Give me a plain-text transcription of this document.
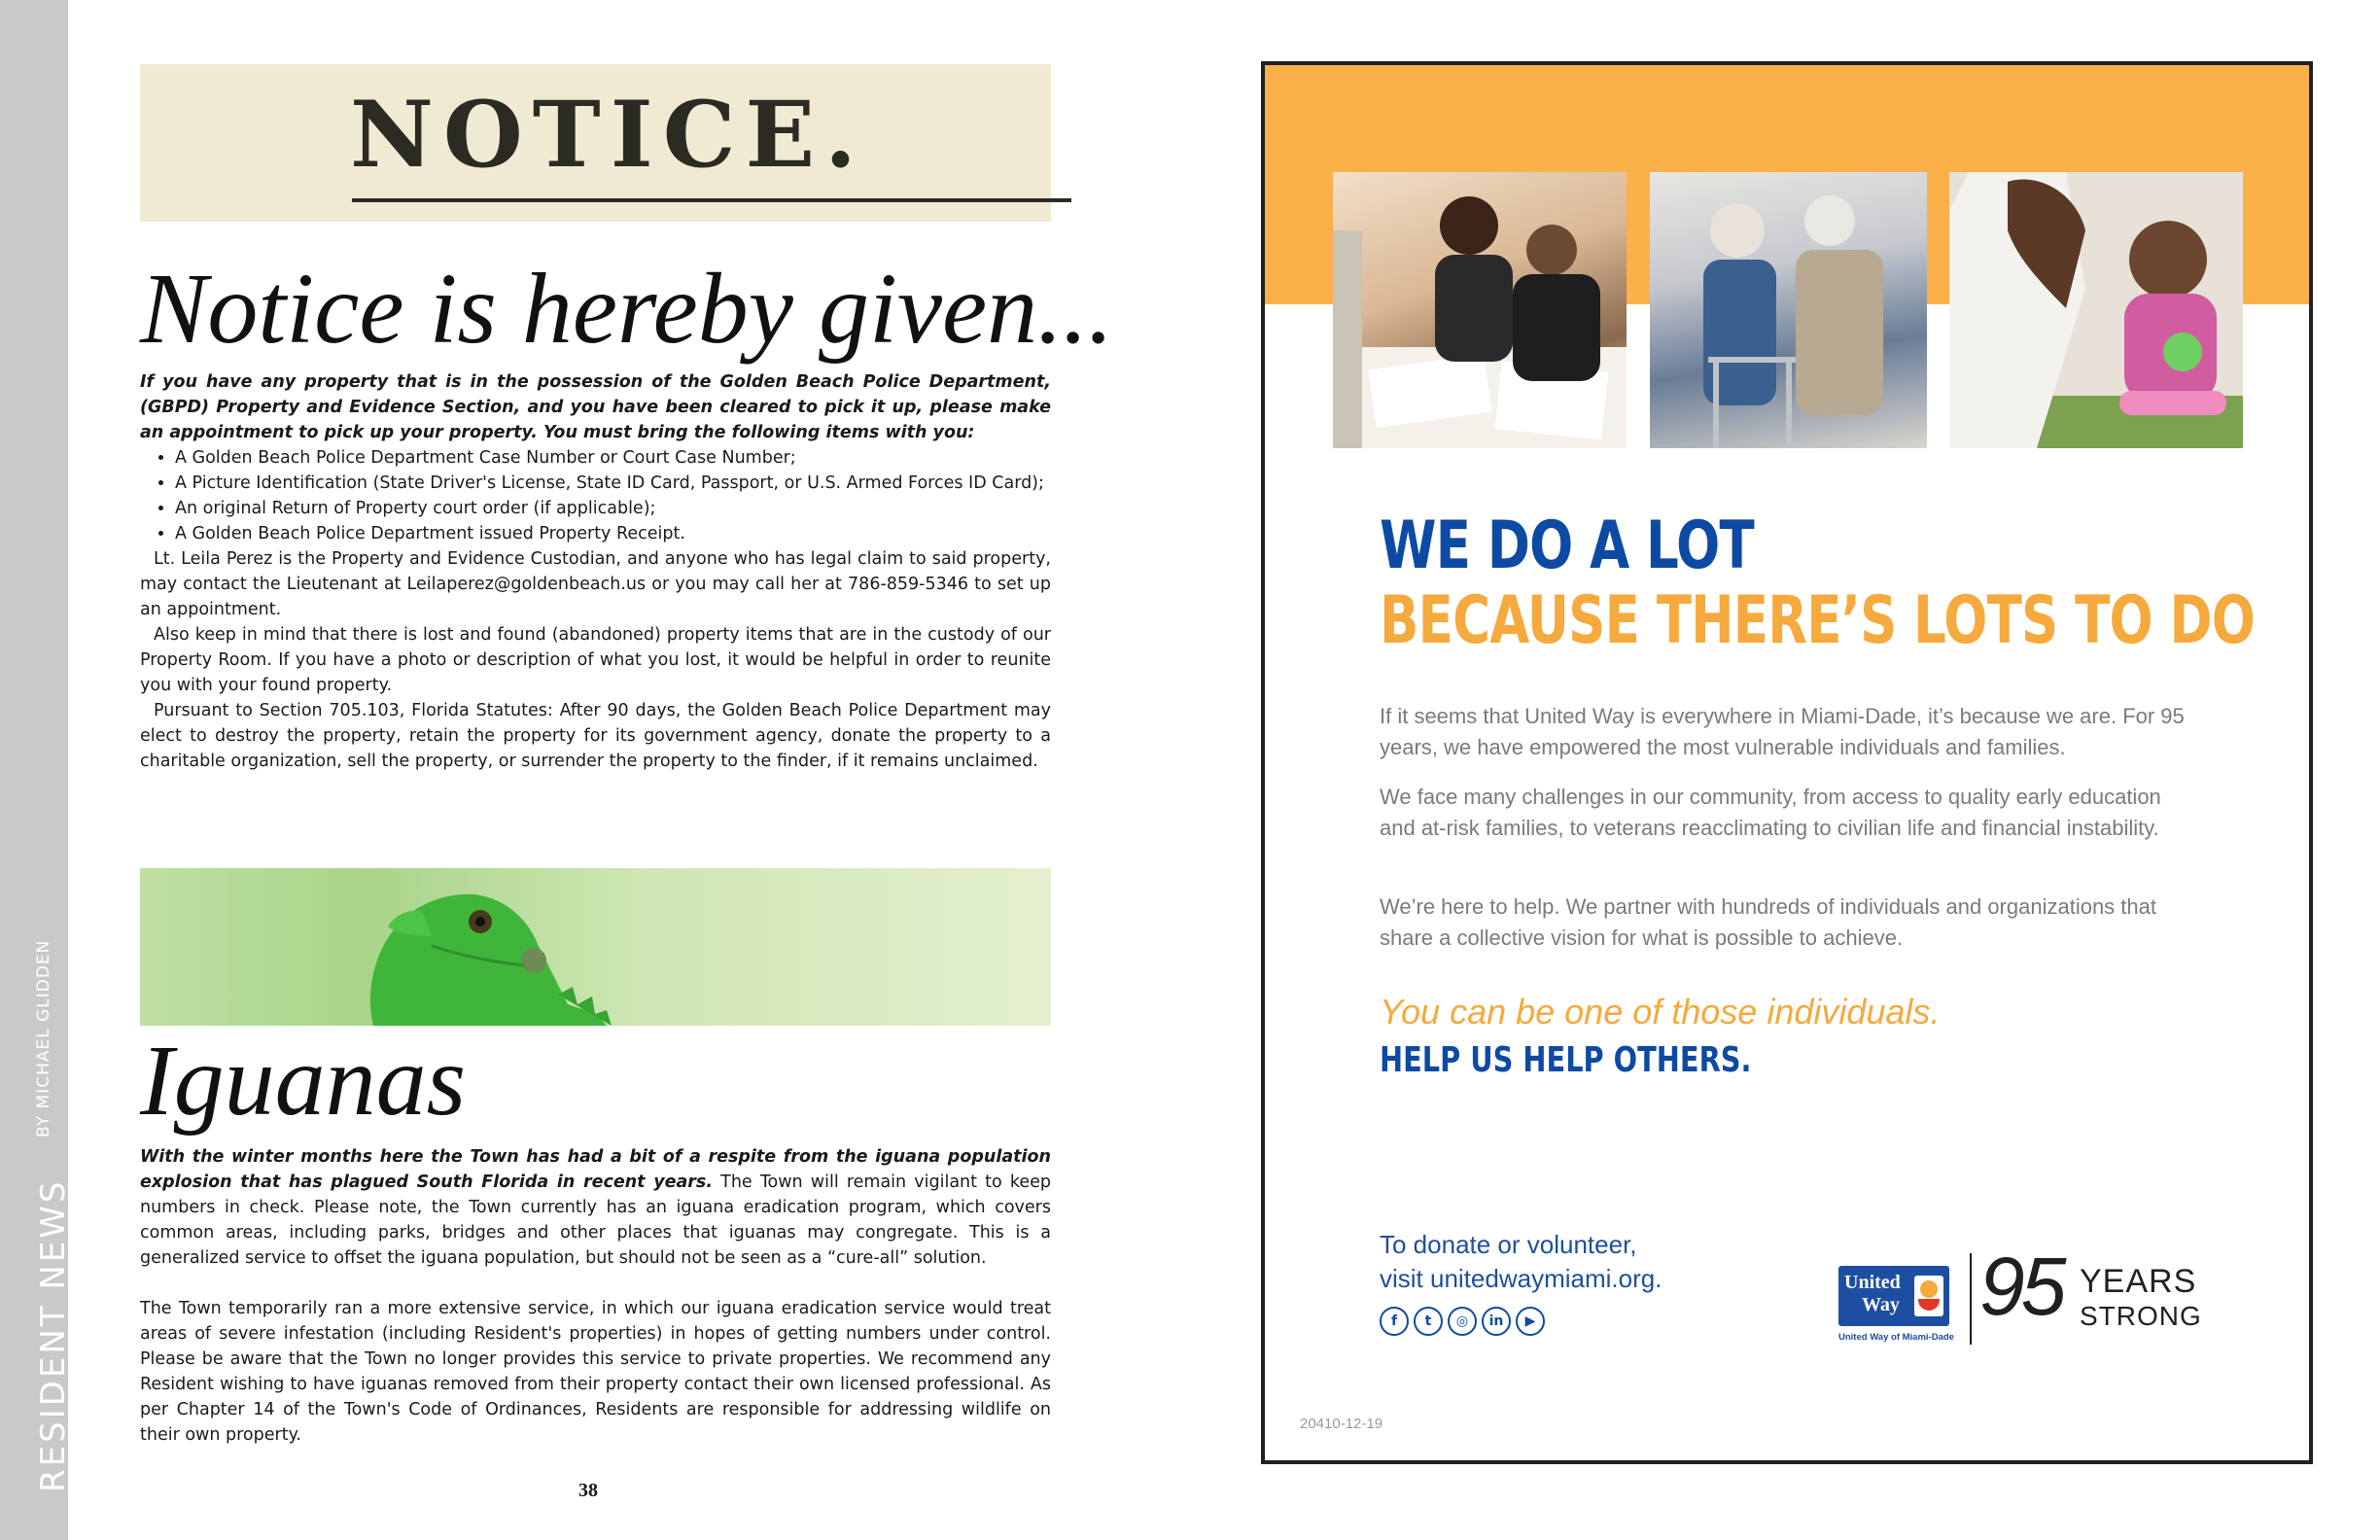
RESIDENT NEWS
BY MICHAEL GLIDDEN
NOTICE.
Notice is hereby given...

If you have any property that is in the possession of the Golden Beach Police Department, (GBPD) Property and Evidence Section, and you have been cleared to pick it up, please make an appointment to pick up your property. You must bring the following items with you:

• A Golden Beach Police Department Case Number or Court Case Number;
• A Picture Identification (State Driver's License, State ID Card, Passport, or U.S. Armed Forces ID Card);
• An original Return of Property court order (if applicable);
• A Golden Beach Police Department issued Property Receipt.

Lt. Leila Perez is the Property and Evidence Custodian, and anyone who has legal claim to said property, may contact the Lieutenant at Leilaperez@goldenbeach.us or you may call her at 786-859-5346 to set up an appointment.

Also keep in mind that there is lost and found (abandoned) property items that are in the custody of our Property Room. If you have a photo or description of what you lost, it would be helpful in order to reunite you with your found property.

Pursuant to Section 705.103, Florida Statutes: After 90 days, the Golden Beach Police Department may elect to destroy the property, retain the property for its government agency, donate the property to a charitable organization, sell the property, or surrender the property to the finder, if it remains unclaimed.

Iguanas

With the winter months here the Town has had a bit of a respite from the iguana population explosion that has plagued South Florida in recent years. The Town will remain vigilant to keep numbers in check. Please note, the Town currently has an iguana eradication program, which covers common areas, including parks, bridges and other places that iguanas may congregate. This is a generalized service to offset the iguana population, but should not be seen as a “cure-all” solution.

The Town temporarily ran a more extensive service, in which our iguana eradication service would treat areas of severe infestation (including Resident's properties) in hopes of getting numbers under control. Please be aware that the Town no longer provides this service to private properties. We recommend any Resident wishing to have iguanas removed from their property contact their own licensed professional. As per Chapter 14 of the Town's Code of Ordinances, Residents are responsible for addressing wildlife on their own property.

38
WE DO A LOT
BECAUSE THERE’S LOTS TO DO

If it seems that United Way is everywhere in Miami-Dade, it’s because we are. For 95 years, we have empowered the most vulnerable individuals and families.

We face many challenges in our community, from access to quality early education and at-risk families, to veterans reacclimating to civilian life and financial instability.

We’re here to help. We partner with hundreds of individuals and organizations that share a collective vision for what is possible to achieve.

You can be one of those individuals.

HELP US HELP OTHERS.

To donate or volunteer,

visit unitedwaymiami.org.

f	t	◎	in	▶
United
Way
United Way of Miami-Dade

95 YEARS

STRONG

20410-12-19
